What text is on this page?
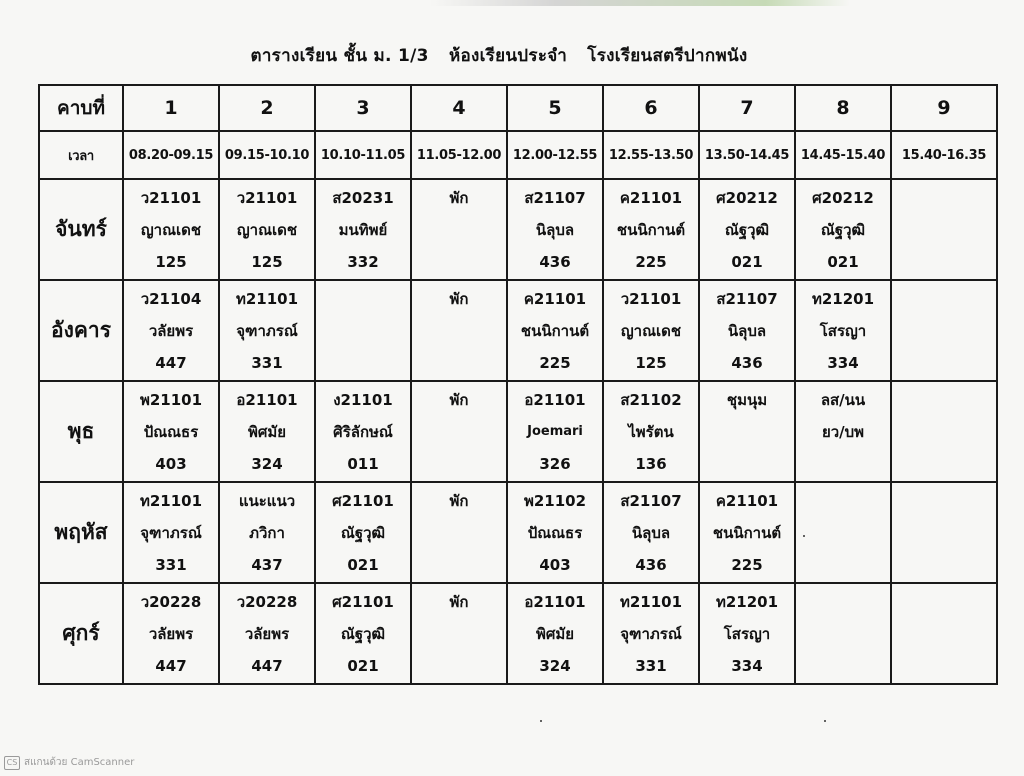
ตารางเรียน ชั้น ม. 1/3 ห้องเรียนประจำ โรงเรียนสตรีปากพนัง
คาบที่	1	2	3	4	5	6	7	8	9
เวลา	08.20-09.15	09.15-10.10	10.10-11.05	11.05-12.00	12.00-12.55	12.55-13.50	13.50-14.45	14.45-15.40	15.40-16.35
จันทร์	ว21101
ญาณเดช
125	ว21101
ญาณเดช
125	ส20231
มนทิพย์
332	พัก	ส21107
นิลุบล
436	ค21101
ชนนิกานต์
225	ศ20212
ณัฐวุฒิ
021	ศ20212
ณัฐวุฒิ
021	

อังคาร	ว21104
วลัยพร
447	ท21101
จุฑาภรณ์
331		พัก	ค21101
ชนนิกานต์
225	ว21101
ญาณเดช
125	ส21107
นิลุบล
436	ท21201
โสรญา
334	

พุธ	พ21101
ปัณณธร
403	อ21101
พิศมัย
324	ง21101
ศิริลักษณ์
011	พัก	อ21101
Joemari
326	ส21102
ไพรัตน
136	ชุมนุม	ลส/นน
ยว/บพ	

พฤหัส	ท21101
จุฑาภรณ์
331	แนะแนว
ภวิกา
437	ศ21101
ณัฐวุฒิ
021	พัก	พ21102
ปัณณธร
403	ส21107
นิลุบล
436	ค21101
ชนนิกานต์
225		

ศุกร์	ว20228
วลัยพร
447	ว20228
วลัยพร
447	ศ21101
ณัฐวุฒิ
021	พัก	อ21101
พิศมัย
324	ท21101
จุฑาภรณ์
331	ท21201
โสรญา
334		

CS สแกนด้วย CamScanner
